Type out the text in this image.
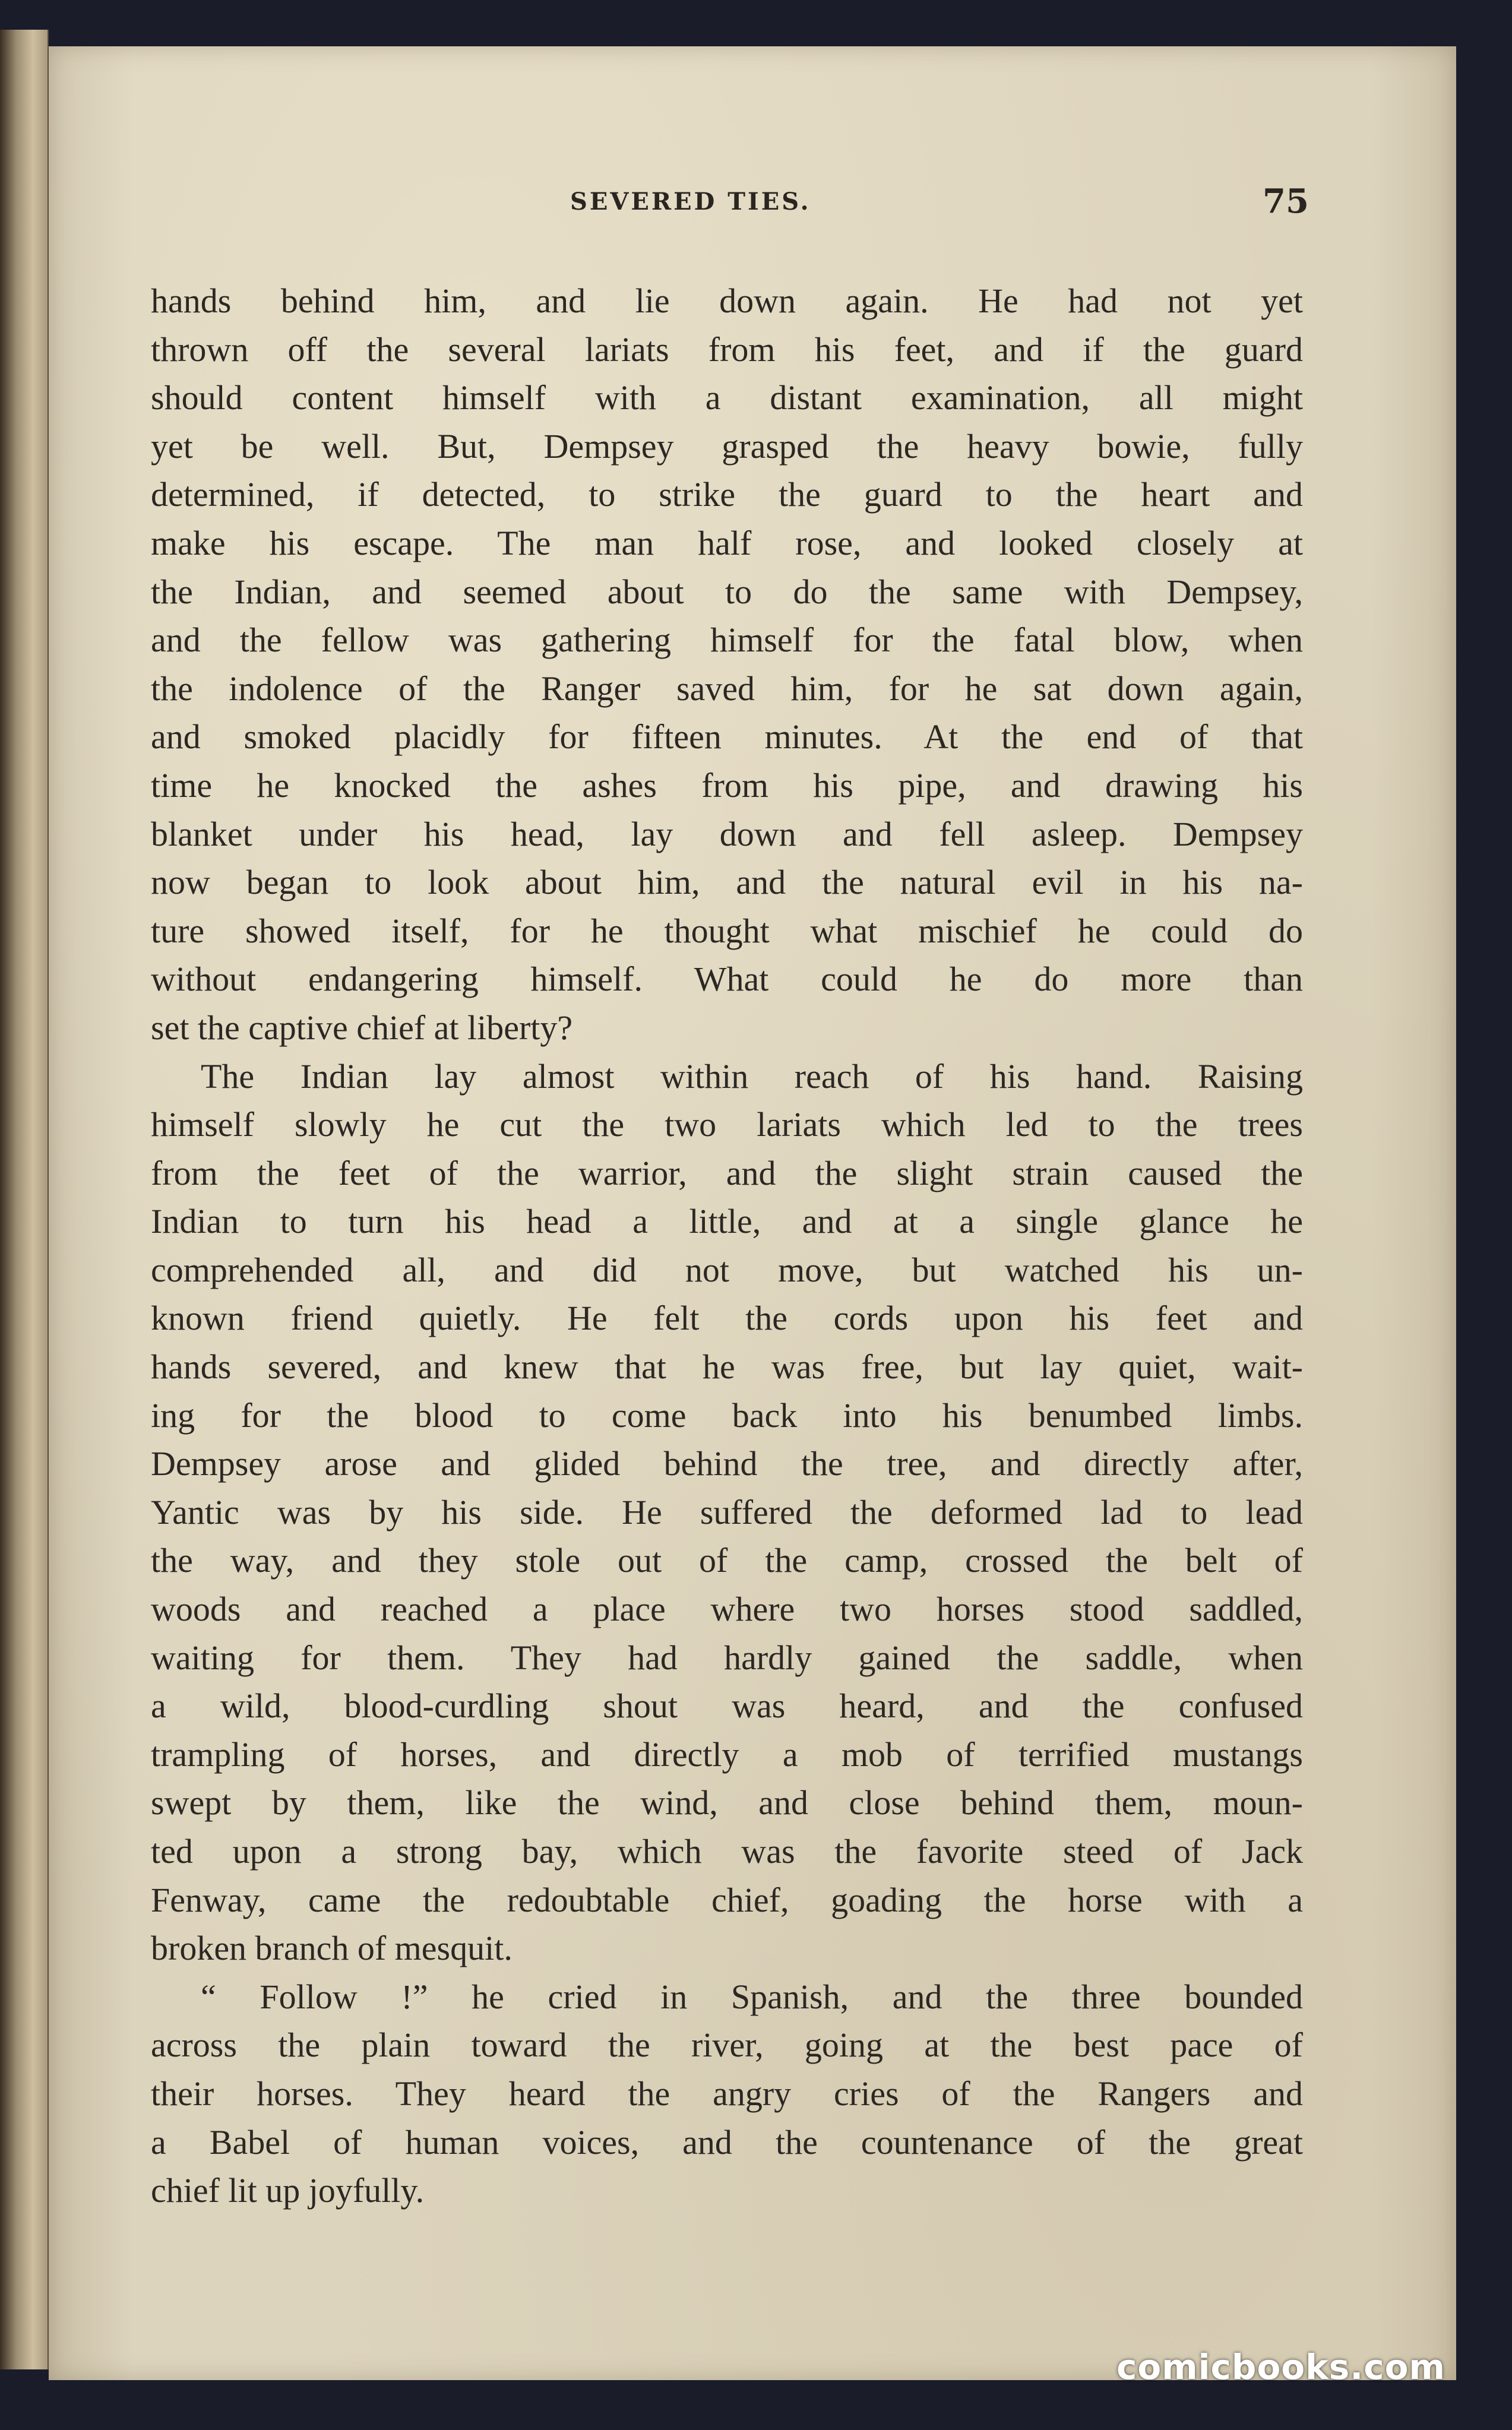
SEVERED TIES.	75
hands behind him, and lie down again. He had not yet
thrown off the several lariats from his feet, and if the guard
should content himself with a distant examination, all might
yet be well. But, Dempsey grasped the heavy bowie, fully
determined, if detected, to strike the guard to the heart and
make his escape. The man half rose, and looked closely at
the Indian, and seemed about to do the same with Dempsey,
and the fellow was gathering himself for the fatal blow, when
the indolence of the Ranger saved him, for he sat down again,
and smoked placidly for fifteen minutes. At the end of that
time he knocked the ashes from his pipe, and drawing his
blanket under his head, lay down and fell asleep. Dempsey
now began to look about him, and the natural evil in his na-
ture showed itself, for he thought what mischief he could do
without endangering himself. What could he do more than
set the captive chief at liberty?
The Indian lay almost within reach of his hand. Raising
himself slowly he cut the two lariats which led to the trees
from the feet of the warrior, and the slight strain caused the
Indian to turn his head a little, and at a single glance he
comprehended all, and did not move, but watched his un-
known friend quietly. He felt the cords upon his feet and
hands severed, and knew that he was free, but lay quiet, wait-
ing for the blood to come back into his benumbed limbs.
Dempsey arose and glided behind the tree, and directly after,
Yantic was by his side. He suffered the deformed lad to lead
the way, and they stole out of the camp, crossed the belt of
woods and reached a place where two horses stood saddled,
waiting for them. They had hardly gained the saddle, when
a wild, blood-curdling shout was heard, and the confused
trampling of horses, and directly a mob of terrified mustangs
swept by them, like the wind, and close behind them, moun-
ted upon a strong bay, which was the favorite steed of Jack
Fenway, came the redoubtable chief, goading the horse with a
broken branch of mesquit.
“ Follow !” he cried in Spanish, and the three bounded
across the plain toward the river, going at the best pace of
their horses. They heard the angry cries of the Rangers and
a Babel of human voices, and the countenance of the great
chief lit up joyfully.
comicbooks.com
